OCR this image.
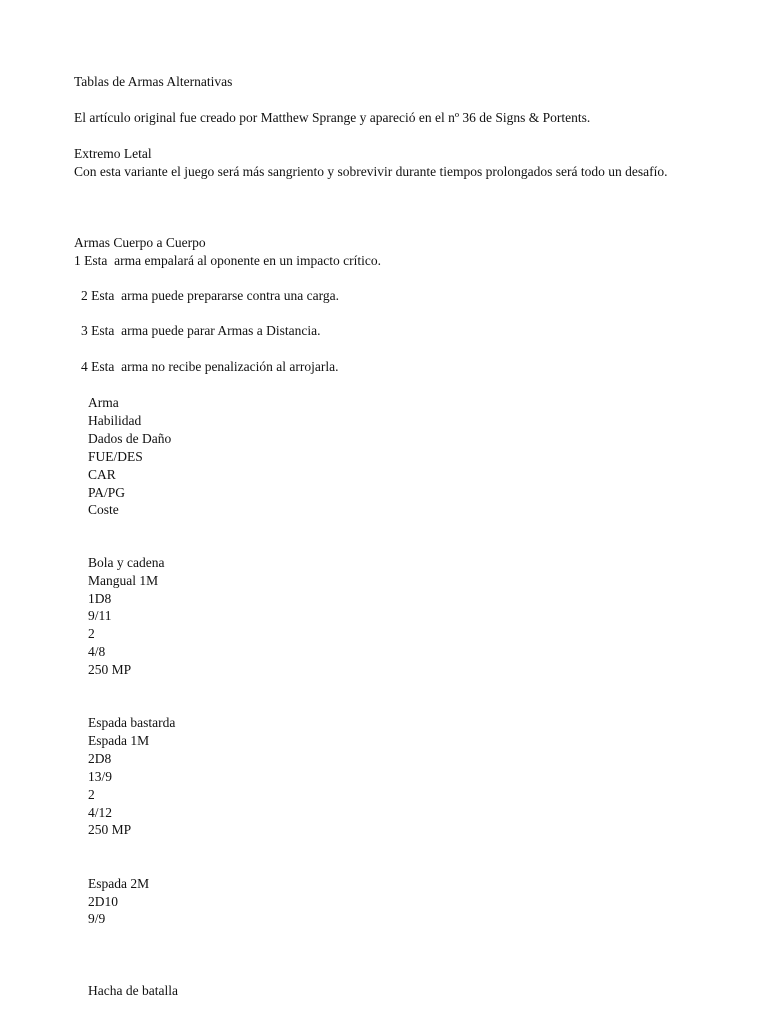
Tablas de Armas Alternativas
El artículo original fue creado por Matthew Sprange y apareció en el nº 36 de Signs & Portents.
Extremo Letal
Con esta variante el juego será más sangriento y sobrevivir durante tiempos prolongados será todo un desafío.
Armas Cuerpo a Cuerpo
1 Esta  arma empalará al oponente en un impacto crítico.
2 Esta  arma puede prepararse contra una carga.
3 Esta  arma puede parar Armas a Distancia.
4 Esta  arma no recibe penalización al arrojarla.
Arma
Habilidad
Dados de Daño
FUE/DES
CAR
PA/PG
Coste
Bola y cadena
Mangual 1M
1D8
9/11
2
4/8
250 MP
Espada bastarda
Espada 1M
2D8
13/9
2
4/12
250 MP
Espada 2M
2D10
9/9
Hacha de batalla
